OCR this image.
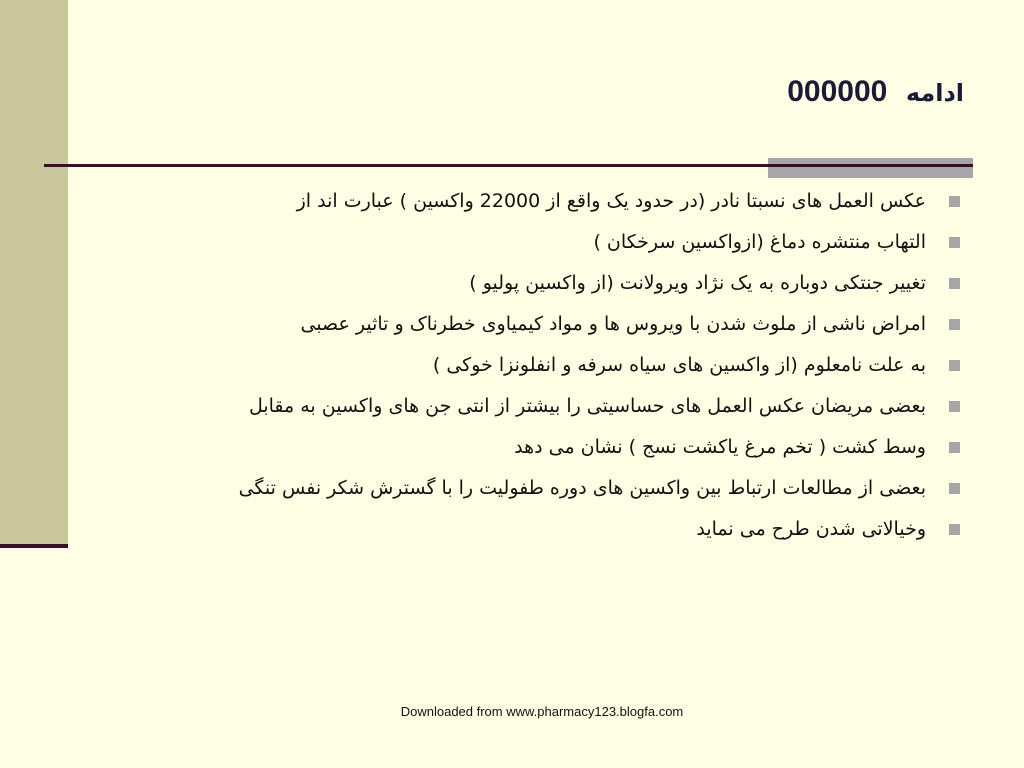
ادامه 000000
عکس العمل های نسبتا نادر (در حدود یک واقع از 22000 واکسین ) عبارت اند از
التهاب منتشره دماغ (ازواکسین سرخکان )
تغییر جنتکی دوباره به یک نژاد ویرولانت (از واکسین پولیو )
امراض ناشی از ملوث شدن با ویروس ها و مواد کیمیاوی خطرناک و تاثیر عصبی
به علت نامعلوم (از واکسین های سیاه سرفه و انفلونزا خوکی )
بعضی مریضان عکس العمل های حساسیتی را بیشتر از انتی جن های واکسین به مقابل
وسط کشت ( تخم مرغ یاکشت نسج ) نشان می دهد
بعضی از مطالعات ارتباط بین واکسین های دوره طفولیت را با گسترش شکر نفس تنگی
وخیالاتی شدن طرح می نماید
Downloaded from www.pharmacy123.blogfa.com
